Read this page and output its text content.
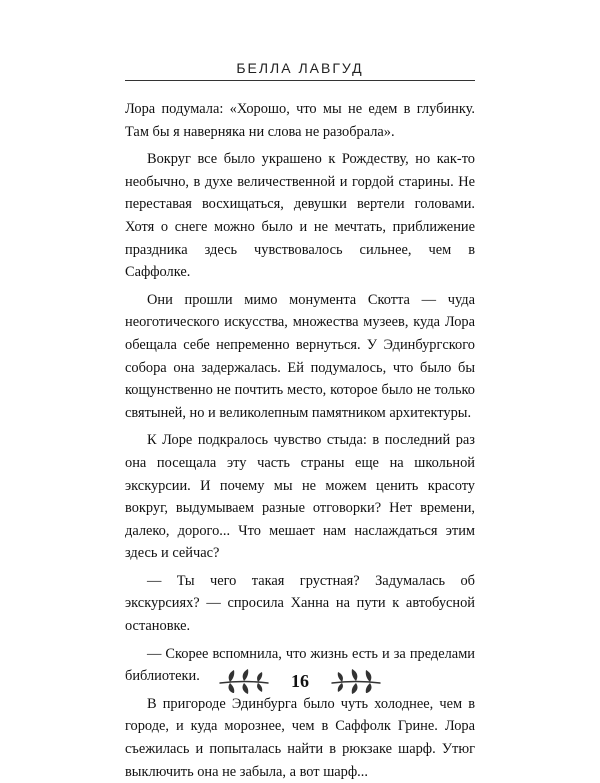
БЕЛЛА ЛАВГУД

Лора подумала: «Хорошо, что мы не едем в глубинку. Там бы я наверняка ни слова не разобрала».

Вокруг все было украшено к Рождеству, но как-то необычно, в духе величественной и гордой старины. Не переставая восхищаться, девушки вертели головами. Хотя о снеге можно было и не мечтать, приближение праздника здесь чувствовалось сильнее, чем в Саффолке.

Они прошли мимо монумента Скотта — чуда неоготического искусства, множества музеев, куда Лора обещала себе непременно вернуться. У Эдинбургского собора она задержалась. Ей подумалось, что было бы кощунственно не почтить место, которое было не только святыней, но и великолепным памятником архитектуры.

К Лоре подкралось чувство стыда: в последний раз она посещала эту часть страны еще на школьной экскурсии. И почему мы не можем ценить красоту вокруг, выдумываем разные отговорки? Нет времени, далеко, дорого... Что мешает нам наслаждаться этим здесь и сейчас?

— Ты чего такая грустная? Задумалась об экскурсиях? — спросила Ханна на пути к автобусной остановке.

— Скорее вспомнила, что жизнь есть и за пределами библиотеки.

В пригороде Эдинбурга было чуть холоднее, чем в городе, и куда морознее, чем в Саффолк Грине. Лора съежилась и попыталась найти в рюкзаке шарф. Утюг выключить она не забыла, а вот шарф...

16
